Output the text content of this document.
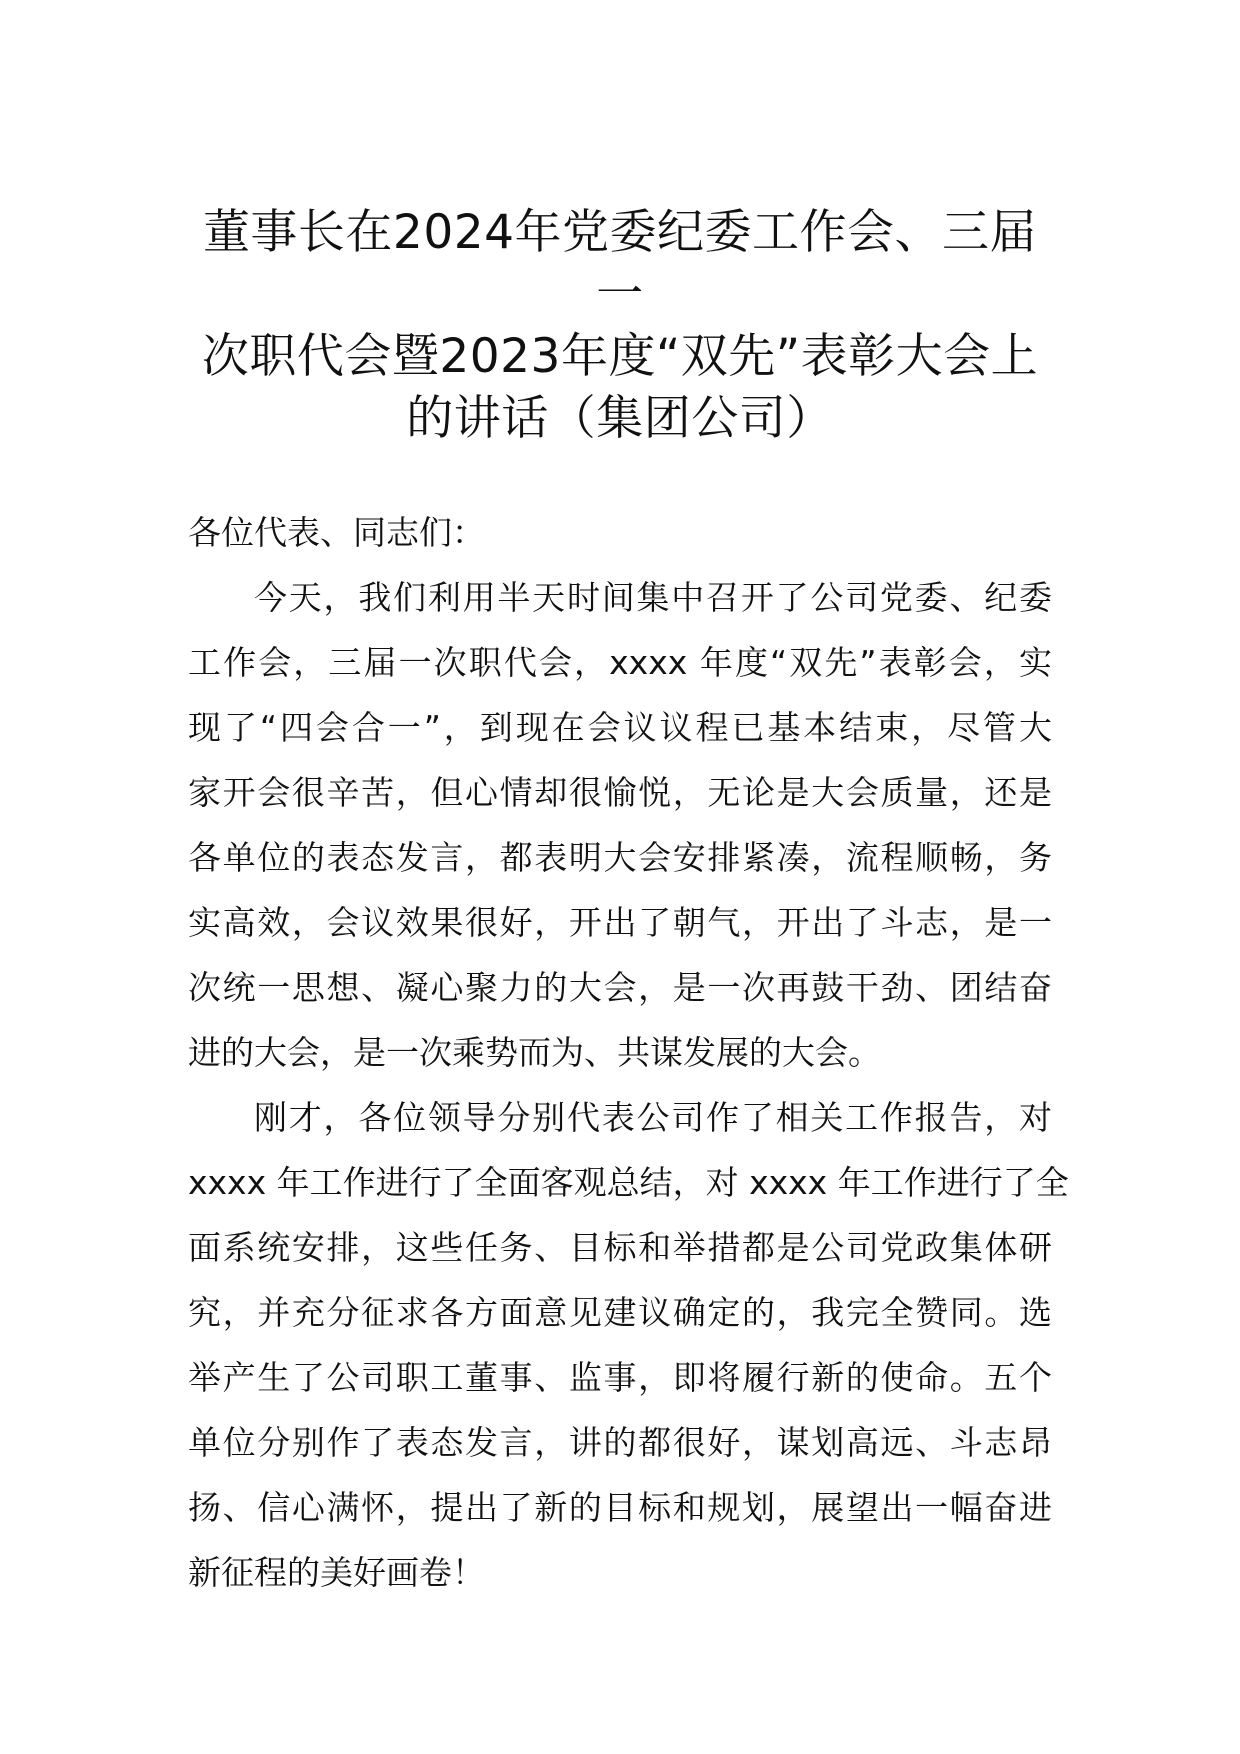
董事长在2024年党委纪委工作会、三届一
次职代会暨2023年度“双先”表彰大会上
的讲话（集团公司）

各位代表、同志们：

今天，我们利用半天时间集中召开了公司党委、纪委
工作会，三届一次职代会，xxxx 年度“双先”表彰会，实
现了“四会合一”，到现在会议议程已基本结束，尽管大
家开会很辛苦，但心情却很愉悦，无论是大会质量，还是
各单位的表态发言，都表明大会安排紧凑，流程顺畅，务
实高效，会议效果很好，开出了朝气，开出了斗志，是一
次统一思想、凝心聚力的大会，是一次再鼓干劲、团结奋
进的大会，是一次乘势而为、共谋发展的大会。

刚才，各位领导分别代表公司作了相关工作报告，对
xxxx 年工作进行了全面客观总结，对 xxxx 年工作进行了全
面系统安排，这些任务、目标和举措都是公司党政集体研
究，并充分征求各方面意见建议确定的，我完全赞同。选
举产生了公司职工董事、监事，即将履行新的使命。五个
单位分别作了表态发言，讲的都很好，谋划高远、斗志昂
扬、信心满怀，提出了新的目标和规划，展望出一幅奋进
新征程的美好画卷！
